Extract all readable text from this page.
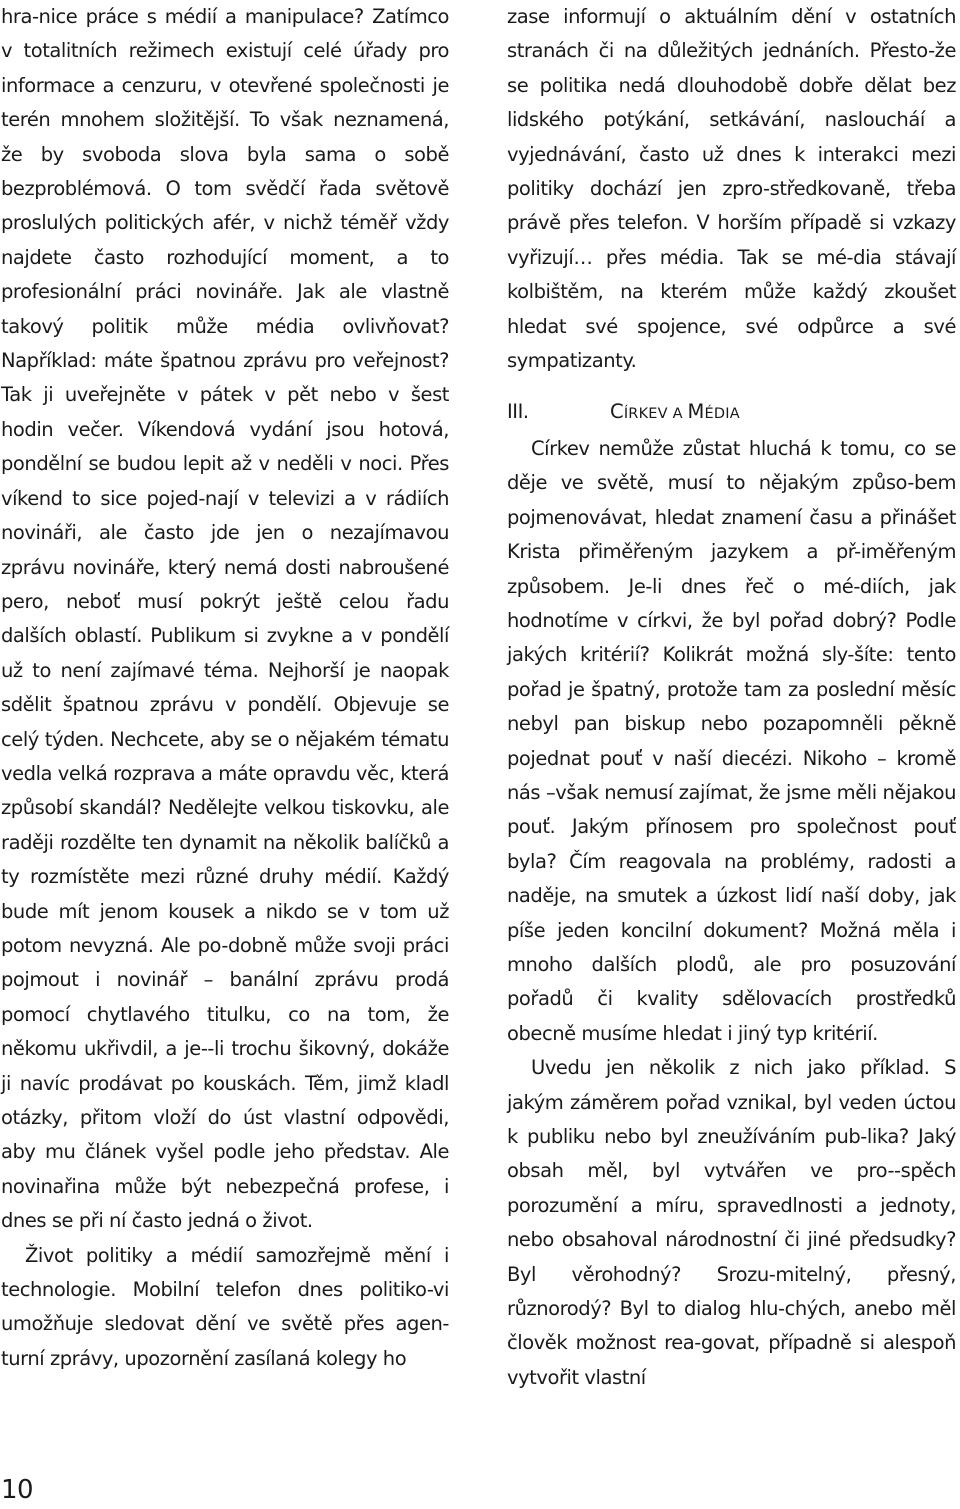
hra-nice práce s médií a manipulace? Zatímco v totalitních režimech existují celé úřady pro informace a cenzuru, v otevřené společnosti je terén mnohem složitější. To však neznamená, že by svoboda slova byla sama o sobě bezproblémová. O tom svědčí řada světově proslulých politických afér, v nichž téměř vždy najdete často rozhodující moment, a to profesionální práci novináře. Jak ale vlastně takový politik může média ovlivňovat? Například: máte špatnou zprávu pro veřejnost? Tak ji uveřejněte v pátek v pět nebo v šest hodin večer. Víkendová vydání jsou hotová, pondělní se budou lepit až v neděli v noci. Přes víkend to sice pojed-nají v televizi a v rádiích novináři, ale často jde jen o nezajímavou zprávu novináře, který nemá dosti nabroušené pero, neboť musí pokrýt ještě celou řadu dalších oblastí. Publikum si zvykne a v pondělí už to není zajímavé téma. Nejhorší je naopak sdělit špatnou zprávu v pondělí. Objevuje se celý týden. Nechcete, aby se o nějakém tématu vedla velká rozprava a máte opravdu věc, která způsobí skandál? Nedělejte velkou tiskovku, ale raději rozdělte ten dynamit na několik balíčků a ty rozmístěte mezi různé druhy médií. Každý bude mít jenom kousek a nikdo se v tom už potom nevyzná. Ale po-dobně může svoji práci pojmout i novinář – banální zprávu prodá pomocí chytlavého titulku, co na tom, že někomu ukřivdil, a je--li trochu šikovný, dokáže ji navíc prodávat po kouskách. Těm, jimž kladl otázky, přitom vloží do úst vlastní odpovědi, aby mu článek vyšel podle jeho představ. Ale novinařina může být nebezpečná profese, i dnes se při ní často jedná o život.

Život politiky a médií samozřejmě mění i technologie. Mobilní telefon dnes politiko-vi umožňuje sledovat dění ve světě přes agen-turní zprávy, upozornění zasílaná kolegy ho

zase informují o aktuálním dění v ostatních stranách či na důležitých jednáních. Přesto-že se politika nedá dlouhodobě dobře dělat bez lidského potýkání, setkávání, nasloucháí a vyjednávání, často už dnes k interakci mezi politiky dochází jen zpro-středkovaně, třeba právě přes telefon. V horším případě si vzkazy vyřizují… přes média. Tak se mé-dia stávají kolbištěm, na kterém může každý zkoušet hledat své spojence, své odpůrce a své sympatizanty.

III.	CÍRKEV A MÉDIA

Církev nemůže zůstat hluchá k tomu, co se děje ve světě, musí to nějakým způso-bem pojmenovávat, hledat znamení času a přinášet Krista přiměřeným jazykem a př-iměřeným způsobem. Je-li dnes řeč o mé-diích, jak hodnotíme v církvi, že byl pořad dobrý? Podle jakých kritérií? Kolikrát možná sly-šíte: tento pořad je špatný, protože tam za poslední měsíc nebyl pan biskup nebo pozapomněli pěkně pojednat pouť v naší diecézi. Nikoho – kromě nás –však nemusí zajímat, že jsme měli nějakou pouť. Jakým přínosem pro společnost pouť byla? Čím reagovala na problémy, radosti a naděje, na smutek a úzkost lidí naší doby, jak píše jeden koncilní dokument? Možná měla i mnoho dalších plodů, ale pro posuzování pořadů či kvality sdělovacích prostředků obecně musíme hledat i jiný typ kritérií.

Uvedu jen několik z nich jako příklad. S jakým záměrem pořad vznikal, byl veden úctou k publiku nebo byl zneužíváním pub-lika? Jaký obsah měl, byl vytvářen ve pro--spěch porozumění a míru, spravedlnosti a jednoty, nebo obsahoval národnostní či jiné předsudky? Byl věrohodný? Srozu-mitelný, přesný, různorodý? Byl to dialog hlu-chých, anebo měl člověk možnost rea-govat, případně si alespoň vytvořit vlastní

10
